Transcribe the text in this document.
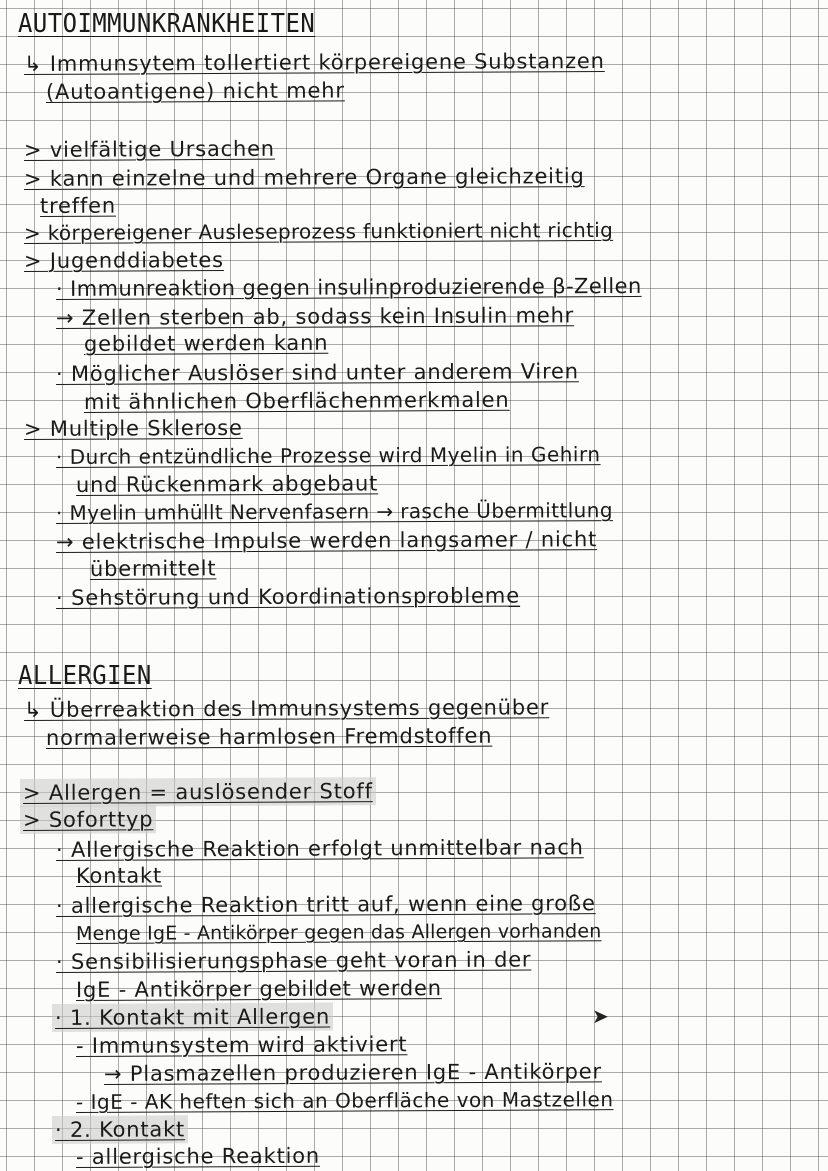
AUTOIMMUNKRANKHEITEN
↳ Immunsytem tollertiert körpereigene Substanzen
(Autoantigene) nicht mehr
> vielfältige Ursachen
> kann einzelne und mehrere Organe gleichzeitig
treffen
> körpereigener Ausleseprozess funktioniert nicht richtig
> Jugenddiabetes
· Immunreaktion gegen insulinproduzierende β-Zellen
→ Zellen sterben ab, sodass kein Insulin mehr
gebildet werden kann
· Möglicher Auslöser sind unter anderem Viren
mit ähnlichen Oberflächenmerkmalen
> Multiple Sklerose
· Durch entzündliche Prozesse wird Myelin in Gehirn
und Rückenmark abgebaut
· Myelin umhüllt Nervenfasern → rasche Übermittlung
→ elektrische Impulse werden langsamer / nicht
übermittelt
· Sehstörung und Koordinationsprobleme
ALLERGIEN
↳ Überreaktion des Immunsystems gegenüber
normalerweise harmlosen Fremdstoffen
> Allergen = auslösender Stoff
> Soforttyp
· Allergische Reaktion erfolgt unmittelbar nach
Kontakt
· allergische Reaktion tritt auf, wenn eine große
Menge IgE - Antikörper gegen das Allergen vorhanden
· Sensibilisierungsphase geht voran in der
IgE - Antikörper gebildet werden
· 1. Kontakt mit Allergen
- Immunsystem wird aktiviert
→ Plasmazellen produzieren IgE - Antikörper
- IgE - AK heften sich an Oberfläche von Mastzellen
· 2. Kontakt
- allergische Reaktion
➤
